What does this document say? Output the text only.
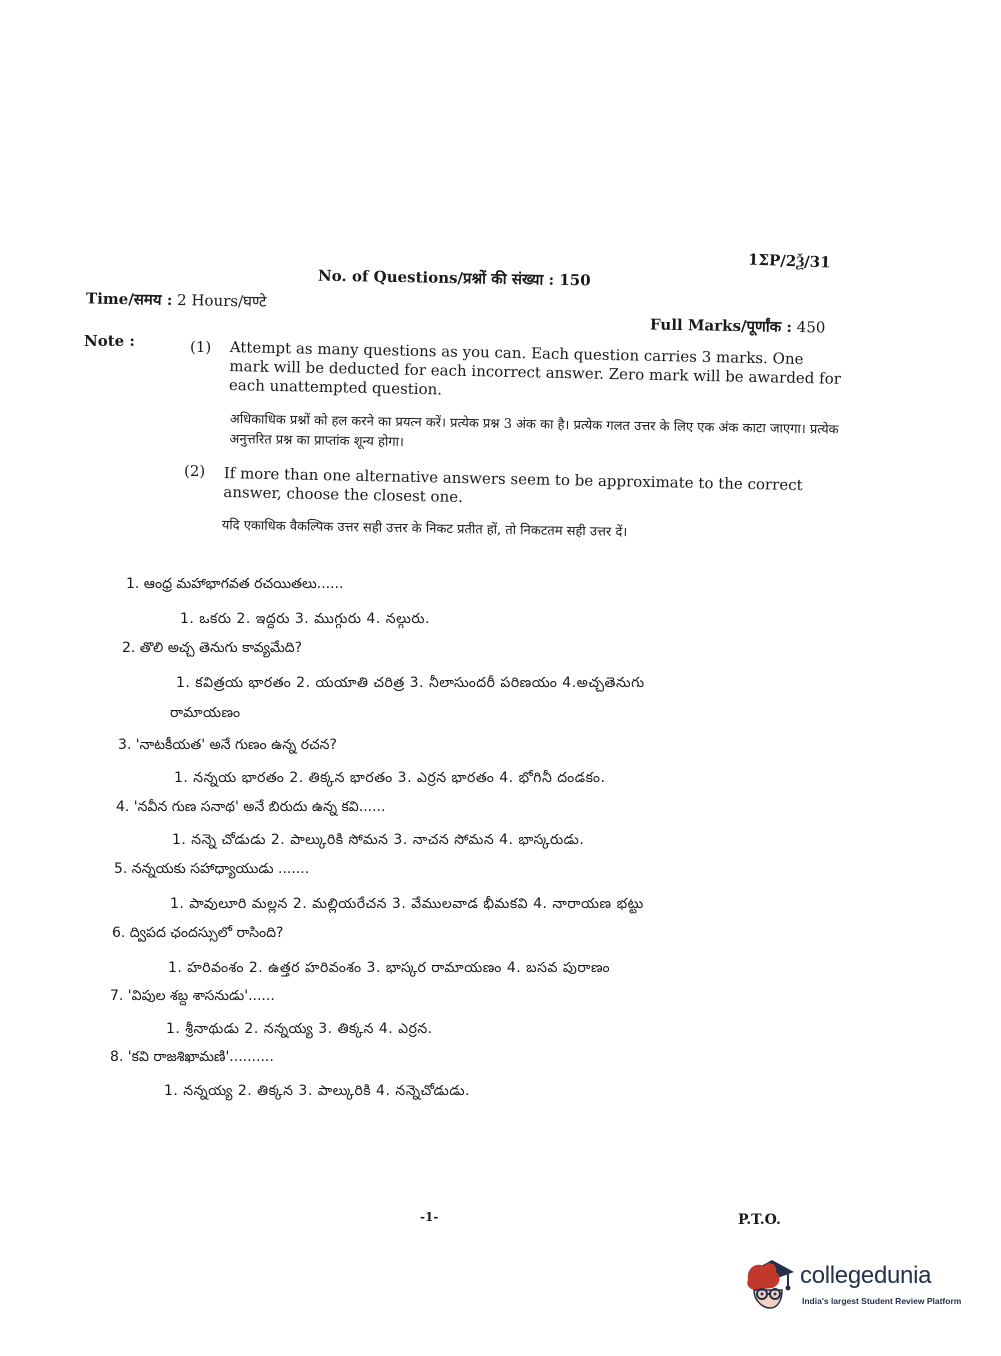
1ΣP/2Ѯ/31
No. of Questions/प्रश्नों की संख्या : 150
Time/समय : 2 Hours/घण्टे
Full Marks/पूर्णांक : 450
Note :	(1) Attempt as many questions as you can. Each question carries 3 marks. One mark will be deducted for each incorrect answer. Zero mark will be awarded for each unattempted question.
अधिकाधिक प्रश्नों को हल करने का प्रयत्न करें। प्रत्येक प्रश्न 3 अंक का है। प्रत्येक गलत उत्तर के लिए एक अंक काटा जाएगा। प्रत्येक अनुत्तरित प्रश्न का प्राप्तांक शून्य होगा।
(2) If more than one alternative answers seem to be approximate to the correct answer, choose the closest one.
यदि एकाधिक वैकल्पिक उत्तर सही उत्तर के निकट प्रतीत हों, तो निकटतम सही उत्तर दें।
1. ఆంధ్ర మహాభాగవత రచయితలు......
1. ఒకరు 2. ఇద్దరు 3. ముగ్గురు 4. నల్గురు.
2. తొలి అచ్చ తెనుగు కావ్యమేది?
1. కవిత్రయ భారతం 2. యయాతి చరిత్ర 3. నీలాసుందరీ పరిణయం 4.అచ్చతెనుగు
రామాయణం
3. 'నాటకీయత' అనే గుణం ఉన్న రచన?
1. నన్నయ భారతం 2. తిక్కన భారతం 3. ఎర్రన భారతం 4. భోగినీ దండకం.
4. 'నవీన గుణ సనాథ' అనే బిరుదు ఉన్న కవి......
1. నన్నె చోడుడు 2. పాల్కురికి సోమన 3. నాచన సోమన 4. భాస్కరుడు.
5. నన్నయకు సహాధ్యాయుడు .......
1. పావులూరి మల్లన 2. మల్లియరేచన 3. వేములవాడ భీమకవి 4. నారాయణ భట్టు
6. ద్విపద ఛందస్సులో రాసింది?
1. హరివంశం 2. ఉత్తర హరివంశం 3. భాస్కర రామాయణం 4. బసవ పురాణం
7. 'విపుల శబ్ద శాసనుడు'......
1. శ్రీనాథుడు 2. నన్నయ్య 3. తిక్కన 4. ఎర్రన.
8. 'కవి రాజశిఖామణి'..........
1. నన్నయ్య 2. తిక్కన 3. పాల్కురికి 4. నన్నెచోడుడు.
-1-	P.T.O.
collegedunia
India's largest Student Review Platform
